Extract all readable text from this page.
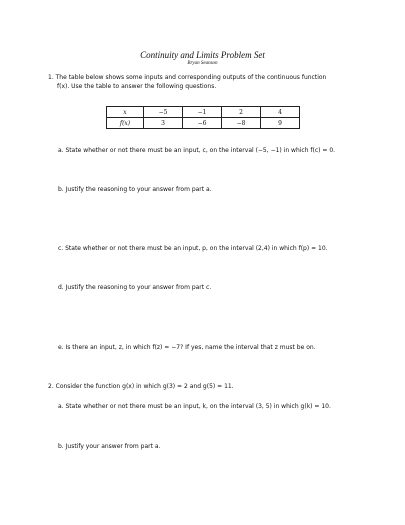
Continuity and Limits Problem Set
Bryan Seanson
1. The table below shows some inputs and corresponding outputs of the continuous function
f(x). Use the table to answer the following questions.
x	−5	−1	2	4
f(x)	3	−6	−8	9
a. State whether or not there must be an input, c, on the interval (−5, −1) in which f(c) = 0.
b. Justify the reasoning to your answer from part a.
c. State whether or not there must be an input, p, on the interval (2,4) in which f(p) = 10.
d. Justify the reasoning to your answer from part c.
e. Is there an input, z, in which f(z) = −7? If yes, name the interval that z must be on.
2. Consider the function g(x) in which g(3) = 2 and g(5) = 11.
a. State whether or not there must be an input, k, on the interval (3, 5) in which g(k) = 10.
b. Justify your answer from part a.
